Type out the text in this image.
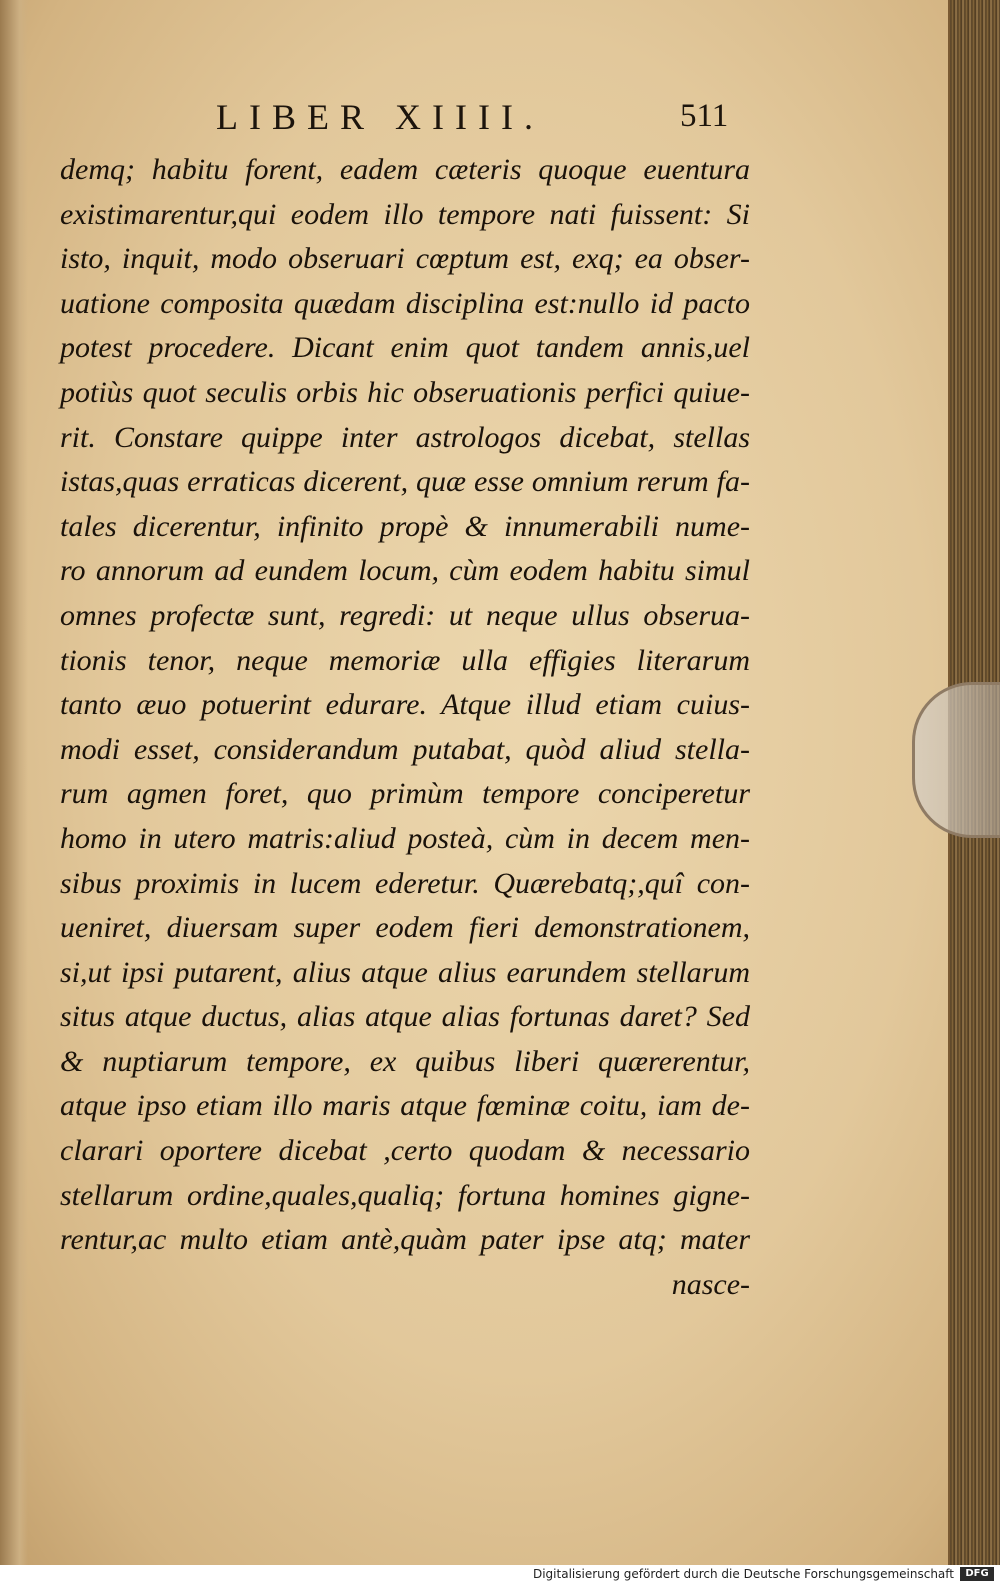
LIBER XIIII.	511
demq; habitu forent, eadem cæteris quoque euentura
existimarentur,qui eodem illo tempore nati fuissent: Si
isto, inquit, modo obseruari cœptum est, exq; ea obser-
uatione composita quædam disciplina est:nullo id pacto
potest procedere. Dicant enim quot tandem annis,uel
potiùs quot seculis orbis hic obseruationis perfici quiue-
rit. Constare quippe inter astrologos dicebat, stellas
istas,quas erraticas dicerent, quæ esse omnium rerum fa-
tales dicerentur, infinito propè & innumerabili nume-
ro annorum ad eundem locum, cùm eodem habitu simul
omnes profectæ sunt, regredi: ut neque ullus obserua-
tionis tenor, neque memoriæ ulla effigies literarum
tanto æuo potuerint edurare. Atque illud etiam cuius-
modi esset, considerandum putabat, quòd aliud stella-
rum agmen foret, quo primùm tempore conciperetur
homo in utero matris:aliud posteà, cùm in decem men-
sibus proximis in lucem ederetur. Quærebatq;,quî con-
ueniret, diuersam super eodem fieri demonstrationem,
si,ut ipsi putarent, alius atque alius earundem stellarum
situs atque ductus, alias atque alias fortunas daret? Sed
& nuptiarum tempore, ex quibus liberi quærerentur,
atque ipso etiam illo maris atque fœminæ coitu, iam de-
clarari oportere dicebat ,certo quodam & necessario
stellarum ordine,quales,qualiq; fortuna homines gigne-
rentur,ac multo etiam antè,quàm pater ipse atq; mater
nasce-
Digitalisierung gefördert durch die Deutsche Forschungsgemeinschaft	DFG
